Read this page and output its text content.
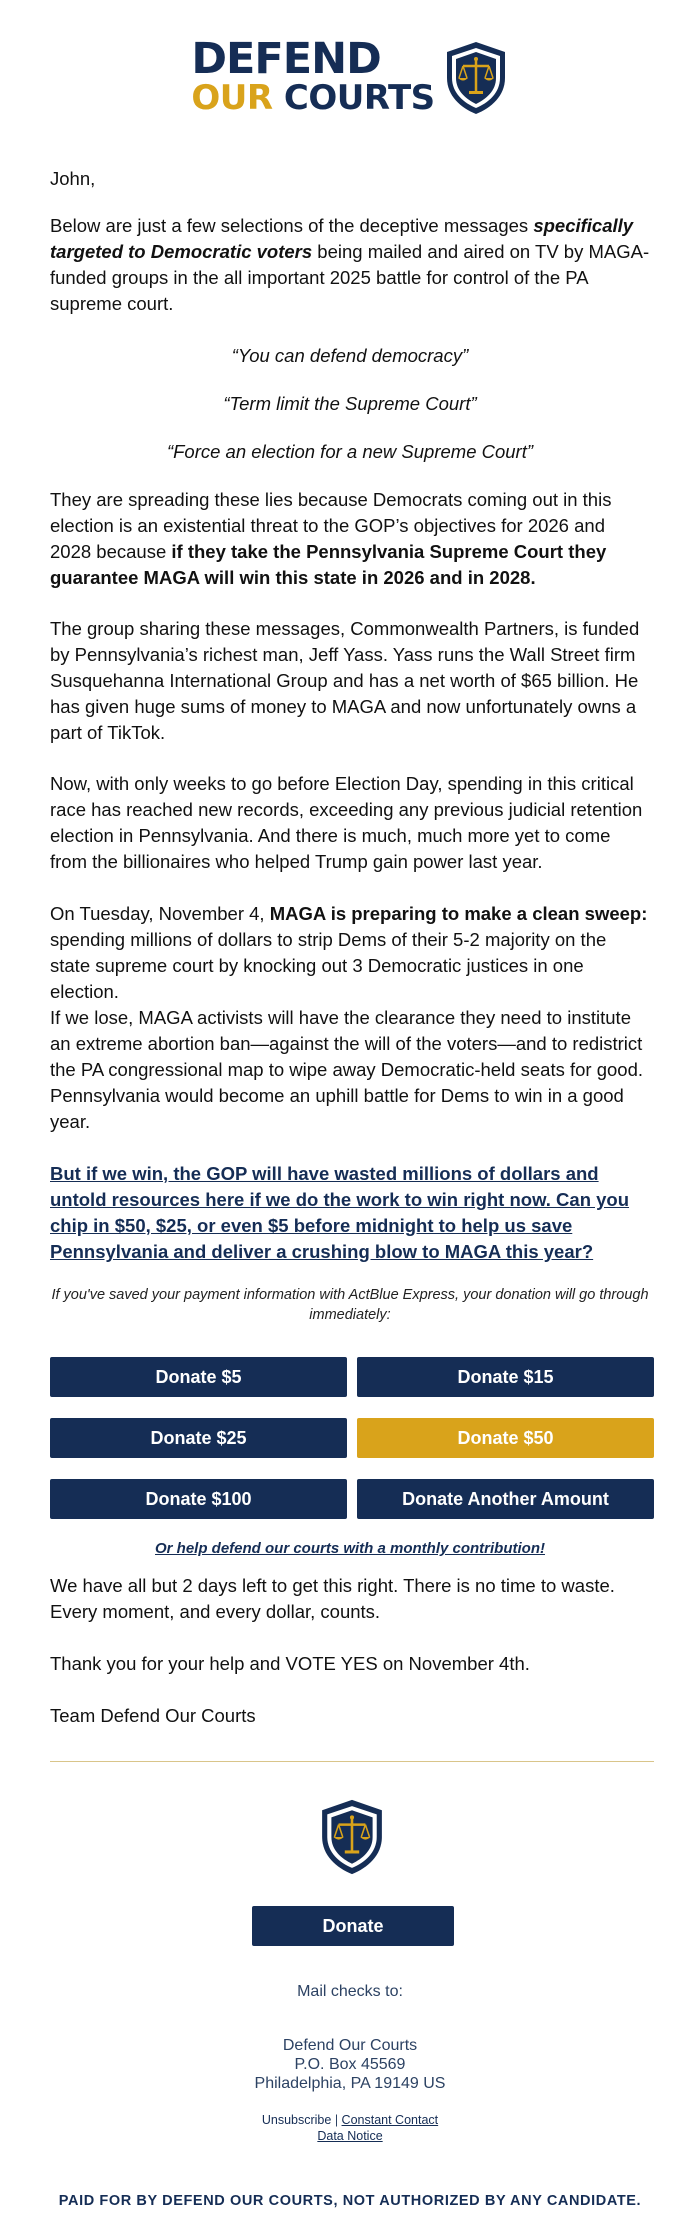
DEFEND
OUR COURTS

John,

Below are just a few selections of the deceptive messages specifically targeted to Democratic voters being mailed and aired on TV by MAGA-funded groups in the all important 2025 battle for control of the PA supreme court.

“You can defend democracy”

“Term limit the Supreme Court”

“Force an election for a new Supreme Court”

They are spreading these lies because Democrats coming out in this election is an existential threat to the GOP’s objectives for 2026 and 2028 because if they take the Pennsylvania Supreme Court they guarantee MAGA will win this state in 2026 and in 2028.

The group sharing these messages, Commonwealth Partners, is funded by Pennsylvania’s richest man, Jeff Yass. Yass runs the Wall Street firm Susquehanna International Group and has a net worth of $65 billion. He has given huge sums of money to MAGA and now unfortunately owns a part of TikTok.

Now, with only weeks to go before Election Day, spending in this critical race has reached new records, exceeding any previous judicial retention election in Pennsylvania. And there is much, much more yet to come from the billionaires who helped Trump gain power last year.

On Tuesday, November 4, MAGA is preparing to make a clean sweep: spending millions of dollars to strip Dems of their 5-2 majority on the state supreme court by knocking out 3 Democratic justices in one election.

If we lose, MAGA activists will have the clearance they need to institute an extreme abortion ban—against the will of the voters—and to redistrict the PA congressional map to wipe away Democratic-held seats for good. Pennsylvania would become an uphill battle for Dems to win in a good year.

But if we win, the GOP will have wasted millions of dollars and untold resources here if we do the work to win right now. Can you chip in $50, $25, or even $5 before midnight to help us save Pennsylvania and deliver a crushing blow to MAGA this year?
If you've saved your payment information with ActBlue Express, your donation will go through immediately:
Donate $5	Donate $15
Donate $25	Donate $50
Donate $100	Donate Another Amount
Or help defend our courts with a monthly contribution!

We have all but 2 days left to get this right. There is no time to waste. Every moment, and every dollar, counts.

Thank you for your help and VOTE YES on November 4th.

Team Defend Our Courts

Donate
Mail checks to:
Defend Our Courts
P.O. Box 45569
Philadelphia, PA 19149 US
Unsubscribe | Constant Contact
Data Notice
PAID FOR BY DEFEND OUR COURTS, NOT AUTHORIZED BY ANY CANDIDATE.
